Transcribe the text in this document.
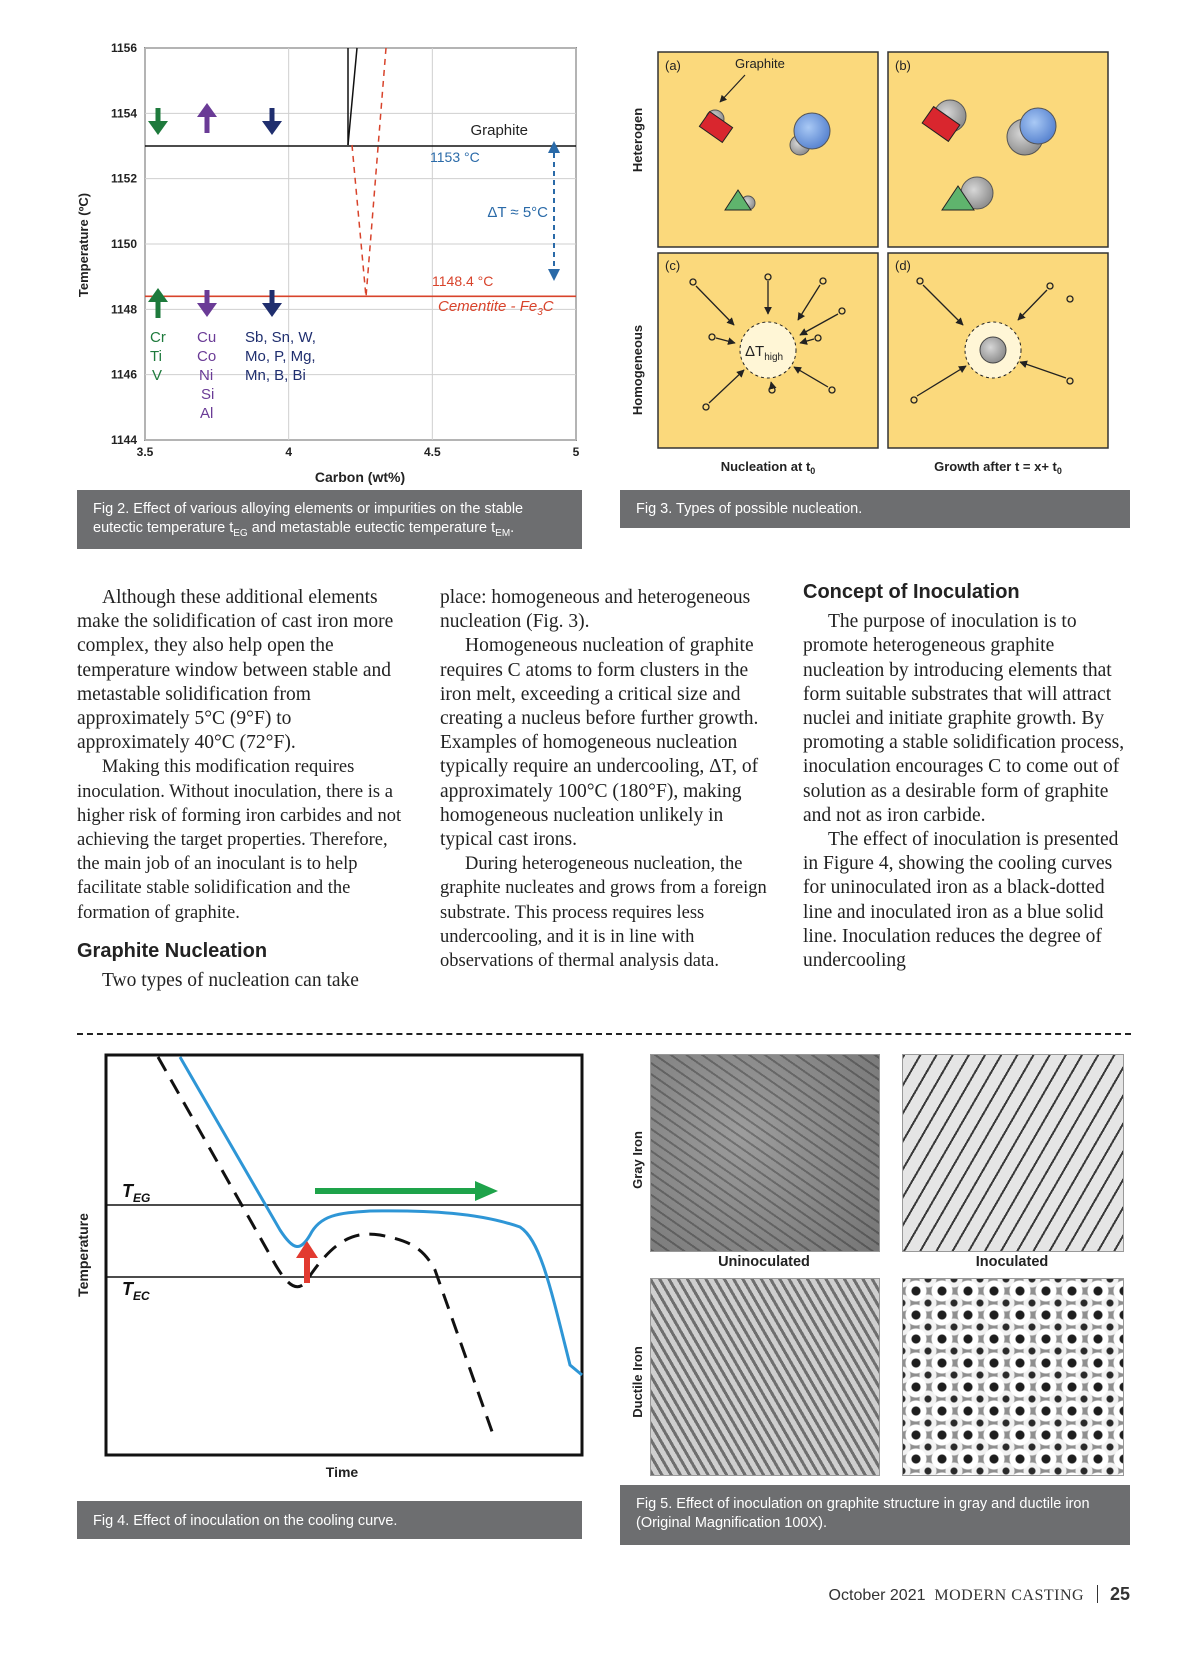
1144
1146
1148
1150
1152
1154
1156
3.5	4	4.5	5
Temperature (ºC)
Carbon (wt%)
Graphite
1153 °C
ΔT ≈ 5°C
1148.4 °C
Cementite - $Fe_3C$
Cr
Ti
V
Cu
Co
Ni
Si
Al
Sb, Sn, W,
Mo, P, Mg,
Mn, B, Bi
Fig 2. Effect of various alloying elements or impurities on the stable eutectic temperature $t_{EG}$ and metastable eutectic temperature $t_{EM}$.
Heterogen
Homogeneous
(a)	Graphite	(b)
(c)
$\Delta T_{high}$
(d)
Nucleation at $t_0$	Growth after $t = x+ t_0$
Fig 3. Types of possible nucleation.

Although these additional elements make the solidification of cast iron more complex, they also help open the temperature window between stable and metastable solidification from approximately 5°C (9°F) to approximately 40°C (72°F).

Making this modification requires inoculation. Without inoculation, there is a higher risk of forming iron carbides and not achieving the target properties. Therefore, the main job of an inoculant is to help facilitate stable solidification and the formation of graphite.

Graphite Nucleation

Two types of nucleation can take

place: homogeneous and heterogeneous nucleation (Fig. 3).

Homogeneous nucleation of graphite requires C atoms to form clusters in the iron melt, exceeding a critical size and creating a nucleus before further growth. Examples of homogeneous nucleation typically require an undercooling, ΔT, of approximately 100°C (180°F), making homogeneous nucleation unlikely in typical cast irons.

During heterogeneous nucleation, the graphite nucleates and grows from a foreign substrate. This process requires less undercooling, and it is in line with observations of thermal analysis data.

Concept of Inoculation

The purpose of inoculation is to promote heterogeneous graphite nucleation by introducing elements that form suitable substrates that will attract nuclei and initiate graphite growth. By promoting a stable solidification process, inoculation encourages C to come out of solution as a desirable form of graphite and not as iron carbide.

The effect of inoculation is presented in Figure 4, showing the cooling curves for uninoculated iron as a black-dotted line and inoculated iron as a blue solid line. Inoculation reduces the degree of undercooling

$T_{EG}$
$T_{EC}$
Temperature
Time
Fig 4. Effect of inoculation on the cooling curve.
Gray Iron
Ductile Iron
Uninoculated	Inoculated
Fig 5. Effect of inoculation on graphite structure in gray and ductile iron (Original Magnification 100X).
October 2021 MODERN CASTING 25
